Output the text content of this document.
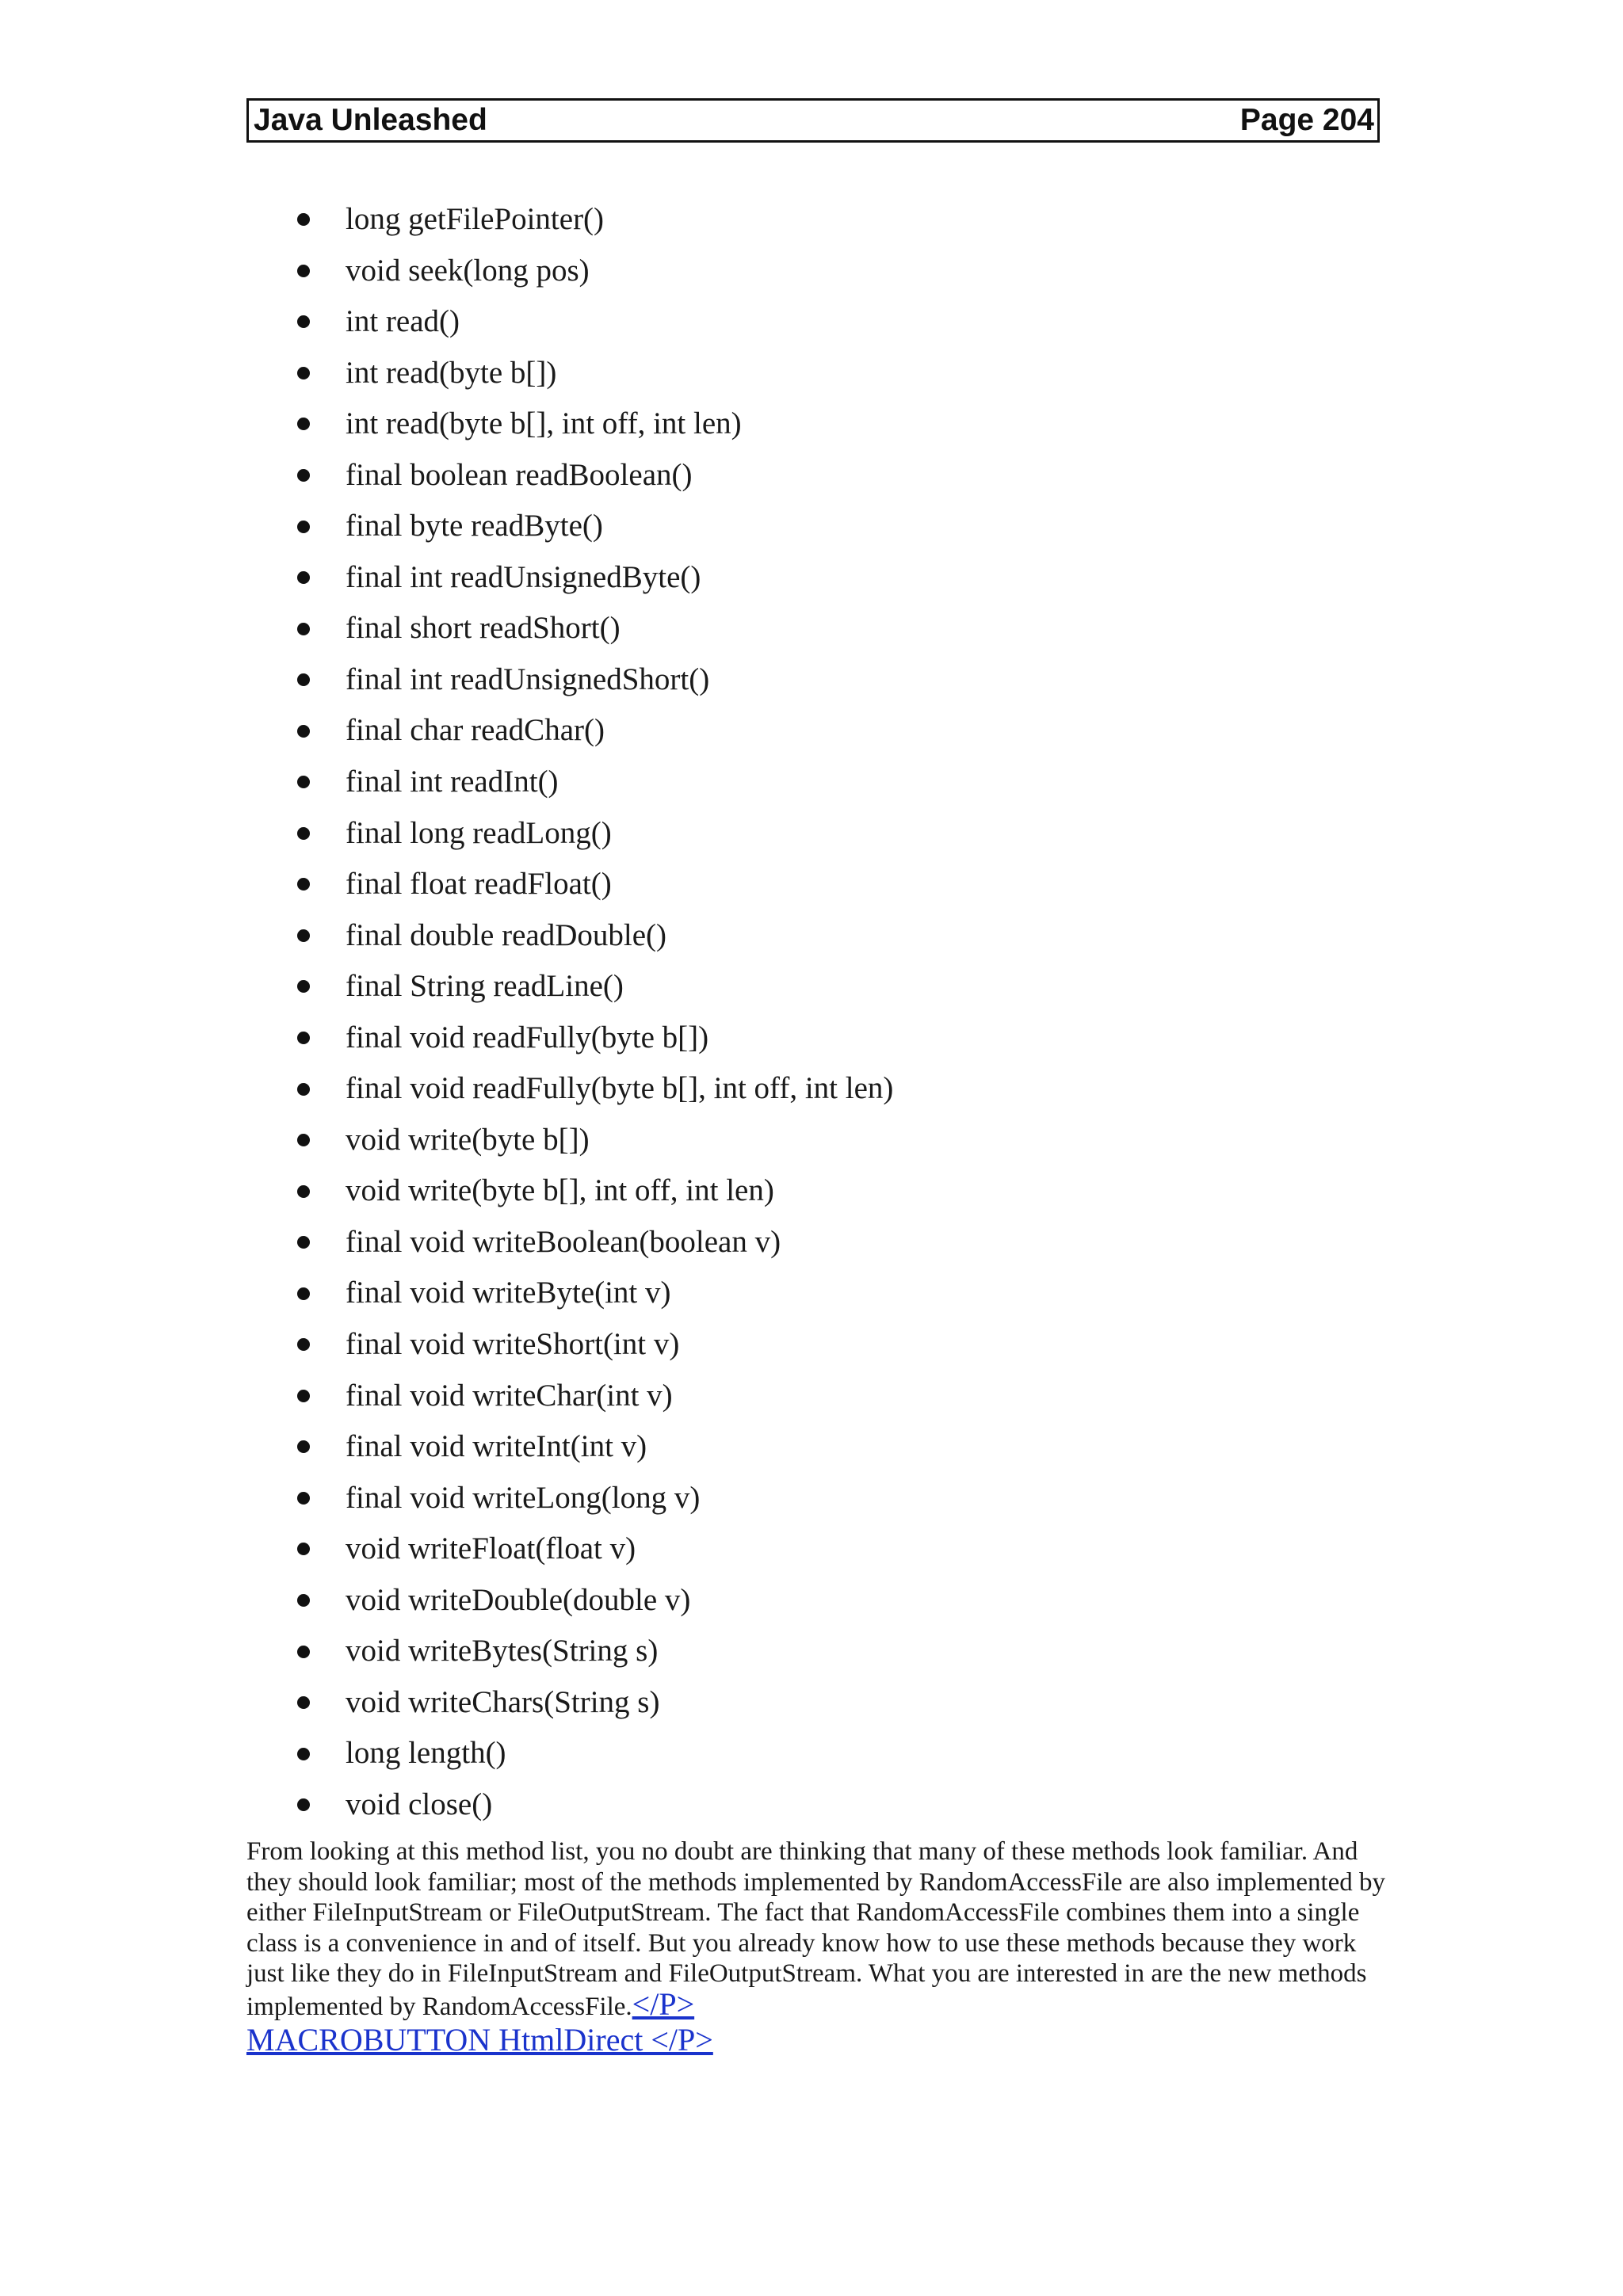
Java Unleashed	Page 204
long getFilePointer()
void seek(long pos)
int read()
int read(byte b[])
int read(byte b[], int off, int len)
final boolean readBoolean()
final byte readByte()
final int readUnsignedByte()
final short readShort()
final int readUnsignedShort()
final char readChar()
final int readInt()
final long readLong()
final float readFloat()
final double readDouble()
final String readLine()
final void readFully(byte b[])
final void readFully(byte b[], int off, int len)
void write(byte b[])
void write(byte b[], int off, int len)
final void writeBoolean(boolean v)
final void writeByte(int v)
final void writeShort(int v)
final void writeChar(int v)
final void writeInt(int v)
final void writeLong(long v)
void writeFloat(float v)
void writeDouble(double v)
void writeBytes(String s)
void writeChars(String s)
long length()
void close()

From looking at this method list, you no doubt are thinking that many of these methods look familiar. And they should look familiar; most of the methods implemented by RandomAccessFile are also implemented by either FileInputStream or FileOutputStream. The fact that RandomAccessFile combines them into a single class is a convenience in and of itself. But you already know how to use these methods because they work just like they do in FileInputStream and FileOutputStream. What you are interested in are the new methods implemented by RandomAccessFile.</P>
MACROBUTTON HtmlDirect </P>
